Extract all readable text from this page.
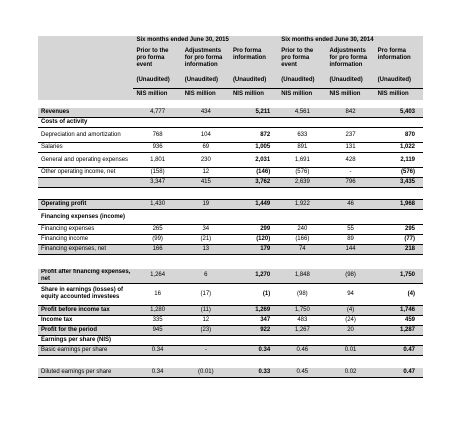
	Six months ended June 30, 2015			Six months ended June 30, 2014		
	Prior to the pro forma event	Adjustments for pro forma information	Pro forma information	Prior to the pro forma event	Adjustments for pro forma information	Pro forma information
	(Unaudited)	(Unaudited)	(Unaudited)	(Unaudited)	(Unaudited)	(Unaudited)
	NIS million	NIS million	NIS million	NIS million	NIS million	NIS million

Revenues	4,777	434	5,211	4,561	842	5,403
Costs of activity						
Depreciation and amortization	768	104	872	633	237	870
Salaries	936	69	1,005	891	131	1,022
General and operating expenses	1,801	230	2,031	1,691	428	2,119
Other operating income, net	(158)	12	(146)	(576)	-	(576)
	3,347	415	3,762	2,639	796	3,435

Operating profit	1,430	19	1,449	1,922	46	1,968
Financing expenses (income)						
Financing expenses	265	34	299	240	55	295
Financing income	(99)	(21)	(120)	(166)	89	(77)
Financing expenses, net	166	13	179	74	144	218

Profit after financing expenses, net	1,264	6	1,270	1,848	(98)	1,750
Share in earnings (losses) of equity accounted investees	16	(17)	(1)	(98)	94	(4)
Profit before income tax	1,280	(11)	1,269	1,750	(4)	1,746
Income tax	335	12	347	483	(24)	459
Profit for the period	945	(23)	922	1,267	20	1,287
Earnings per share (NIS)						
Basic earnings per share	0.34	-	0.34	0.46	0.01	0.47

Diluted earnings per share	0.34	(0.01)	0.33	0.45	0.02	0.47
